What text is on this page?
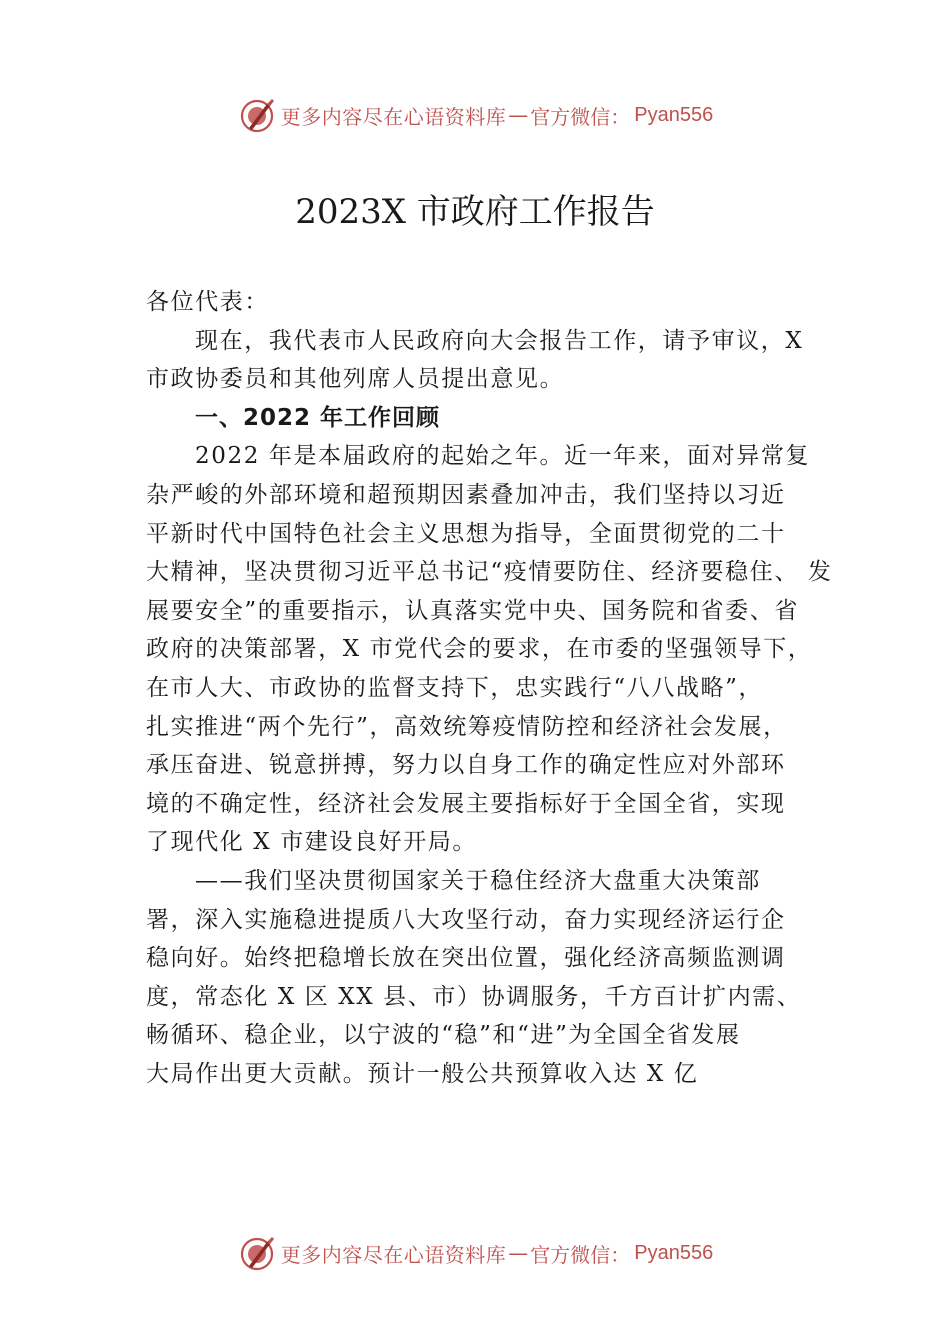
更多内容尽在心语资料库 — 官方微信： Pyan556
2023X 市政府工作报告
各位代表：
现在，我代表市人民政府向大会报告工作，请予审议，X
市政协委员和其他列席人员提出意见。
一、2022 年工作回顾
2022 年是本届政府的起始之年。近一年来，面对异常复
杂严峻的外部环境和超预期因素叠加冲击，我们坚持以习近
平新时代中国特色社会主义思想为指导，全面贯彻党的二十
大精神，坚决贯彻习近平总书记“疫情要防住、经济要稳住、 发
展要安全”的重要指示，认真落实党中央、国务院和省委、省
政府的决策部署，X 市党代会的要求，在市委的坚强领导下，
在市人大、市政协的监督支持下，忠实践行“八八战略”，
扎实推进“两个先行”，高效统筹疫情防控和经济社会发展，
承压奋进、锐意拼搏，努力以自身工作的确定性应对外部环
境的不确定性，经济社会发展主要指标好于全国全省，实现
了现代化 X 市建设良好开局。
——我们坚决贯彻国家关于稳住经济大盘重大决策部
署，深入实施稳进提质八大攻坚行动，奋力实现经济运行企
稳向好。始终把稳增长放在突出位置，强化经济高频监测调
度，常态化 X 区 XX 县、市）协调服务，千方百计扩内需、
畅循环、稳企业，以宁波的“稳”和“进”为全国全省发展
大局作出更大贡献。预计一般公共预算收入达 X 亿
更多内容尽在心语资料库 — 官方微信： Pyan556
